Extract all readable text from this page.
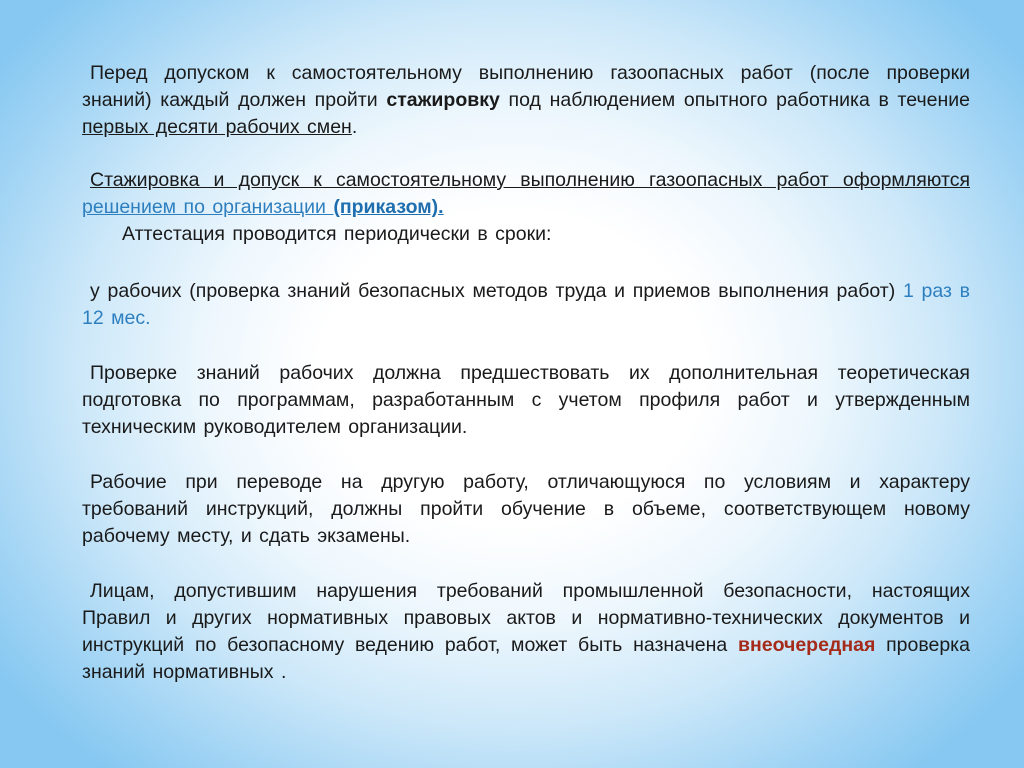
Перед допуском к самостоятельному выполнению газоопасных работ (после проверки знаний) каждый должен пройти стажировку под наблюдением опытного работника в течение первых десяти рабочих смен.

Стажировка и допуск к самостоятельному выполнению газоопасных работ оформляются решением по организации (приказом).

Аттестация проводится периодически в сроки:

у рабочих (проверка знаний безопасных методов труда и приемов выполнения работ) 1 раз в 12 мес.

Проверке знаний рабочих должна предшествовать их дополнительная теоретическая подготовка по программам, разработанным с учетом профиля работ и утвержденным техническим руководителем организации.

Рабочие при переводе на другую работу, отличающуюся по условиям и характеру требований инструкций, должны пройти обучение в объеме, соответствующем новому рабочему месту, и сдать экзамены.

Лицам, допустившим нарушения требований промышленной безопасности, настоящих Правил и других нормативных правовых актов и нормативно-технических документов и инструкций по безопасному ведению работ, может быть назначена внеочередная проверка знаний нормативных .
